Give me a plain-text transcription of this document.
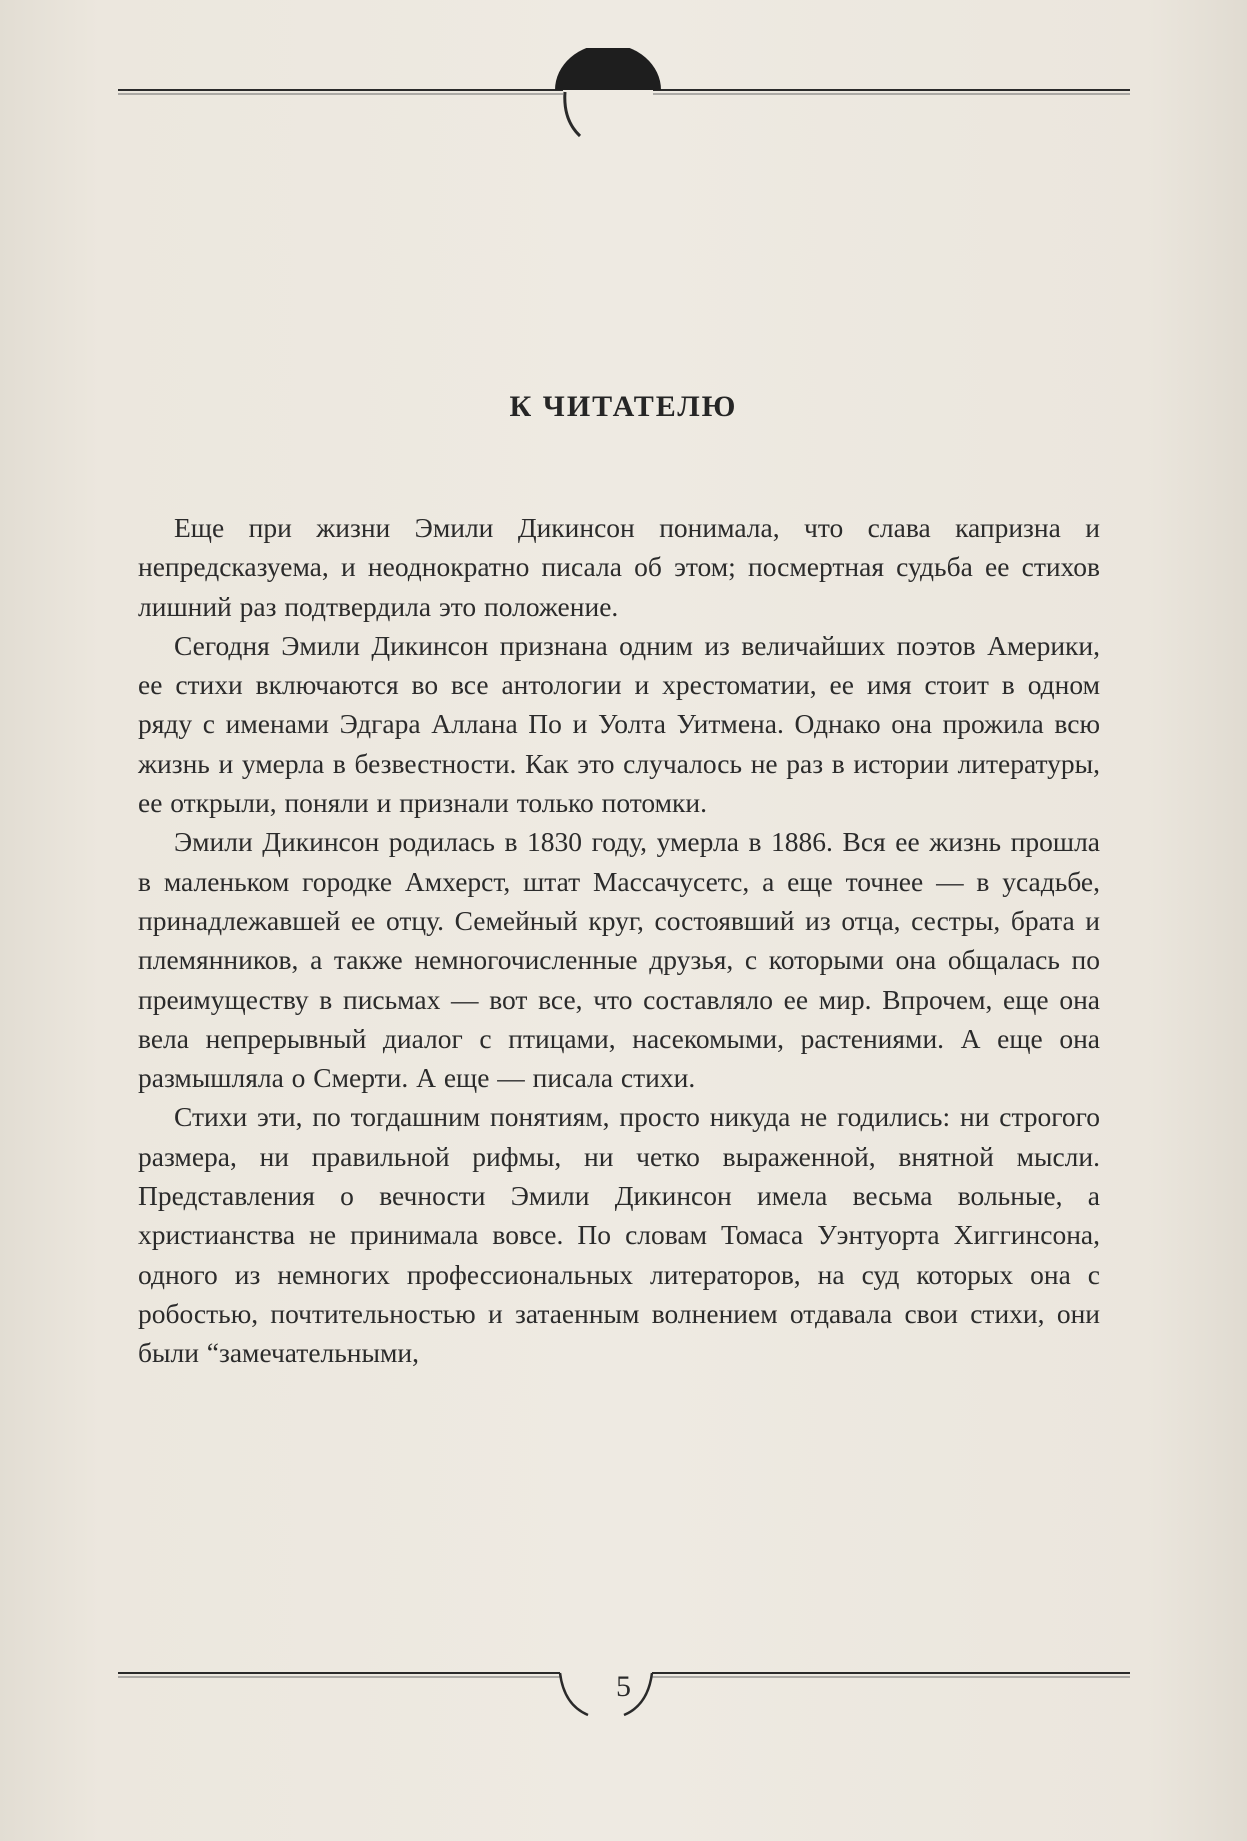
К ЧИТАТЕЛЮ

Еще при жизни Эмили Дикинсон понимала, что слава капризна и непредсказуема, и неоднократно писала об этом; посмертная судьба ее стихов лишний раз подтвердила это положение.

Сегодня Эмили Дикинсон признана одним из величайших поэтов Америки, ее стихи включаются во все антологии и хрестоматии, ее имя стоит в одном ряду с именами Эдгара Аллана По и Уолта Уитмена. Однако она прожила всю жизнь и умерла в безвестности. Как это случалось не раз в истории литературы, ее открыли, поняли и признали только потомки.

Эмили Дикинсон родилась в 1830 году, умерла в 1886. Вся ее жизнь прошла в маленьком городке Амхерст, штат Массачусетс, а еще точнее — в усадьбе, принадлежавшей ее отцу. Семейный круг, состоявший из отца, сестры, брата и племянников, а также немногочисленные друзья, с которыми она общалась по преимуществу в письмах — вот все, что составляло ее мир. Впрочем, еще она вела непрерывный диалог с птицами, насекомыми, растениями. А еще она размышляла о Смерти. А еще — писала стихи.

Стихи эти, по тогдашним понятиям, просто никуда не годились: ни строгого размера, ни правильной рифмы, ни четко выраженной, внятной мысли. Представления о вечности Эмили Дикинсон имела весьма вольные, а христианства не принимала вовсе. По словам Томаса Уэнтуорта Хиггинсона, одного из немногих профессиональных литераторов, на суд которых она с робостью, почтительностью и затаенным волнением отдавала свои стихи, они были “замечательными,

5
